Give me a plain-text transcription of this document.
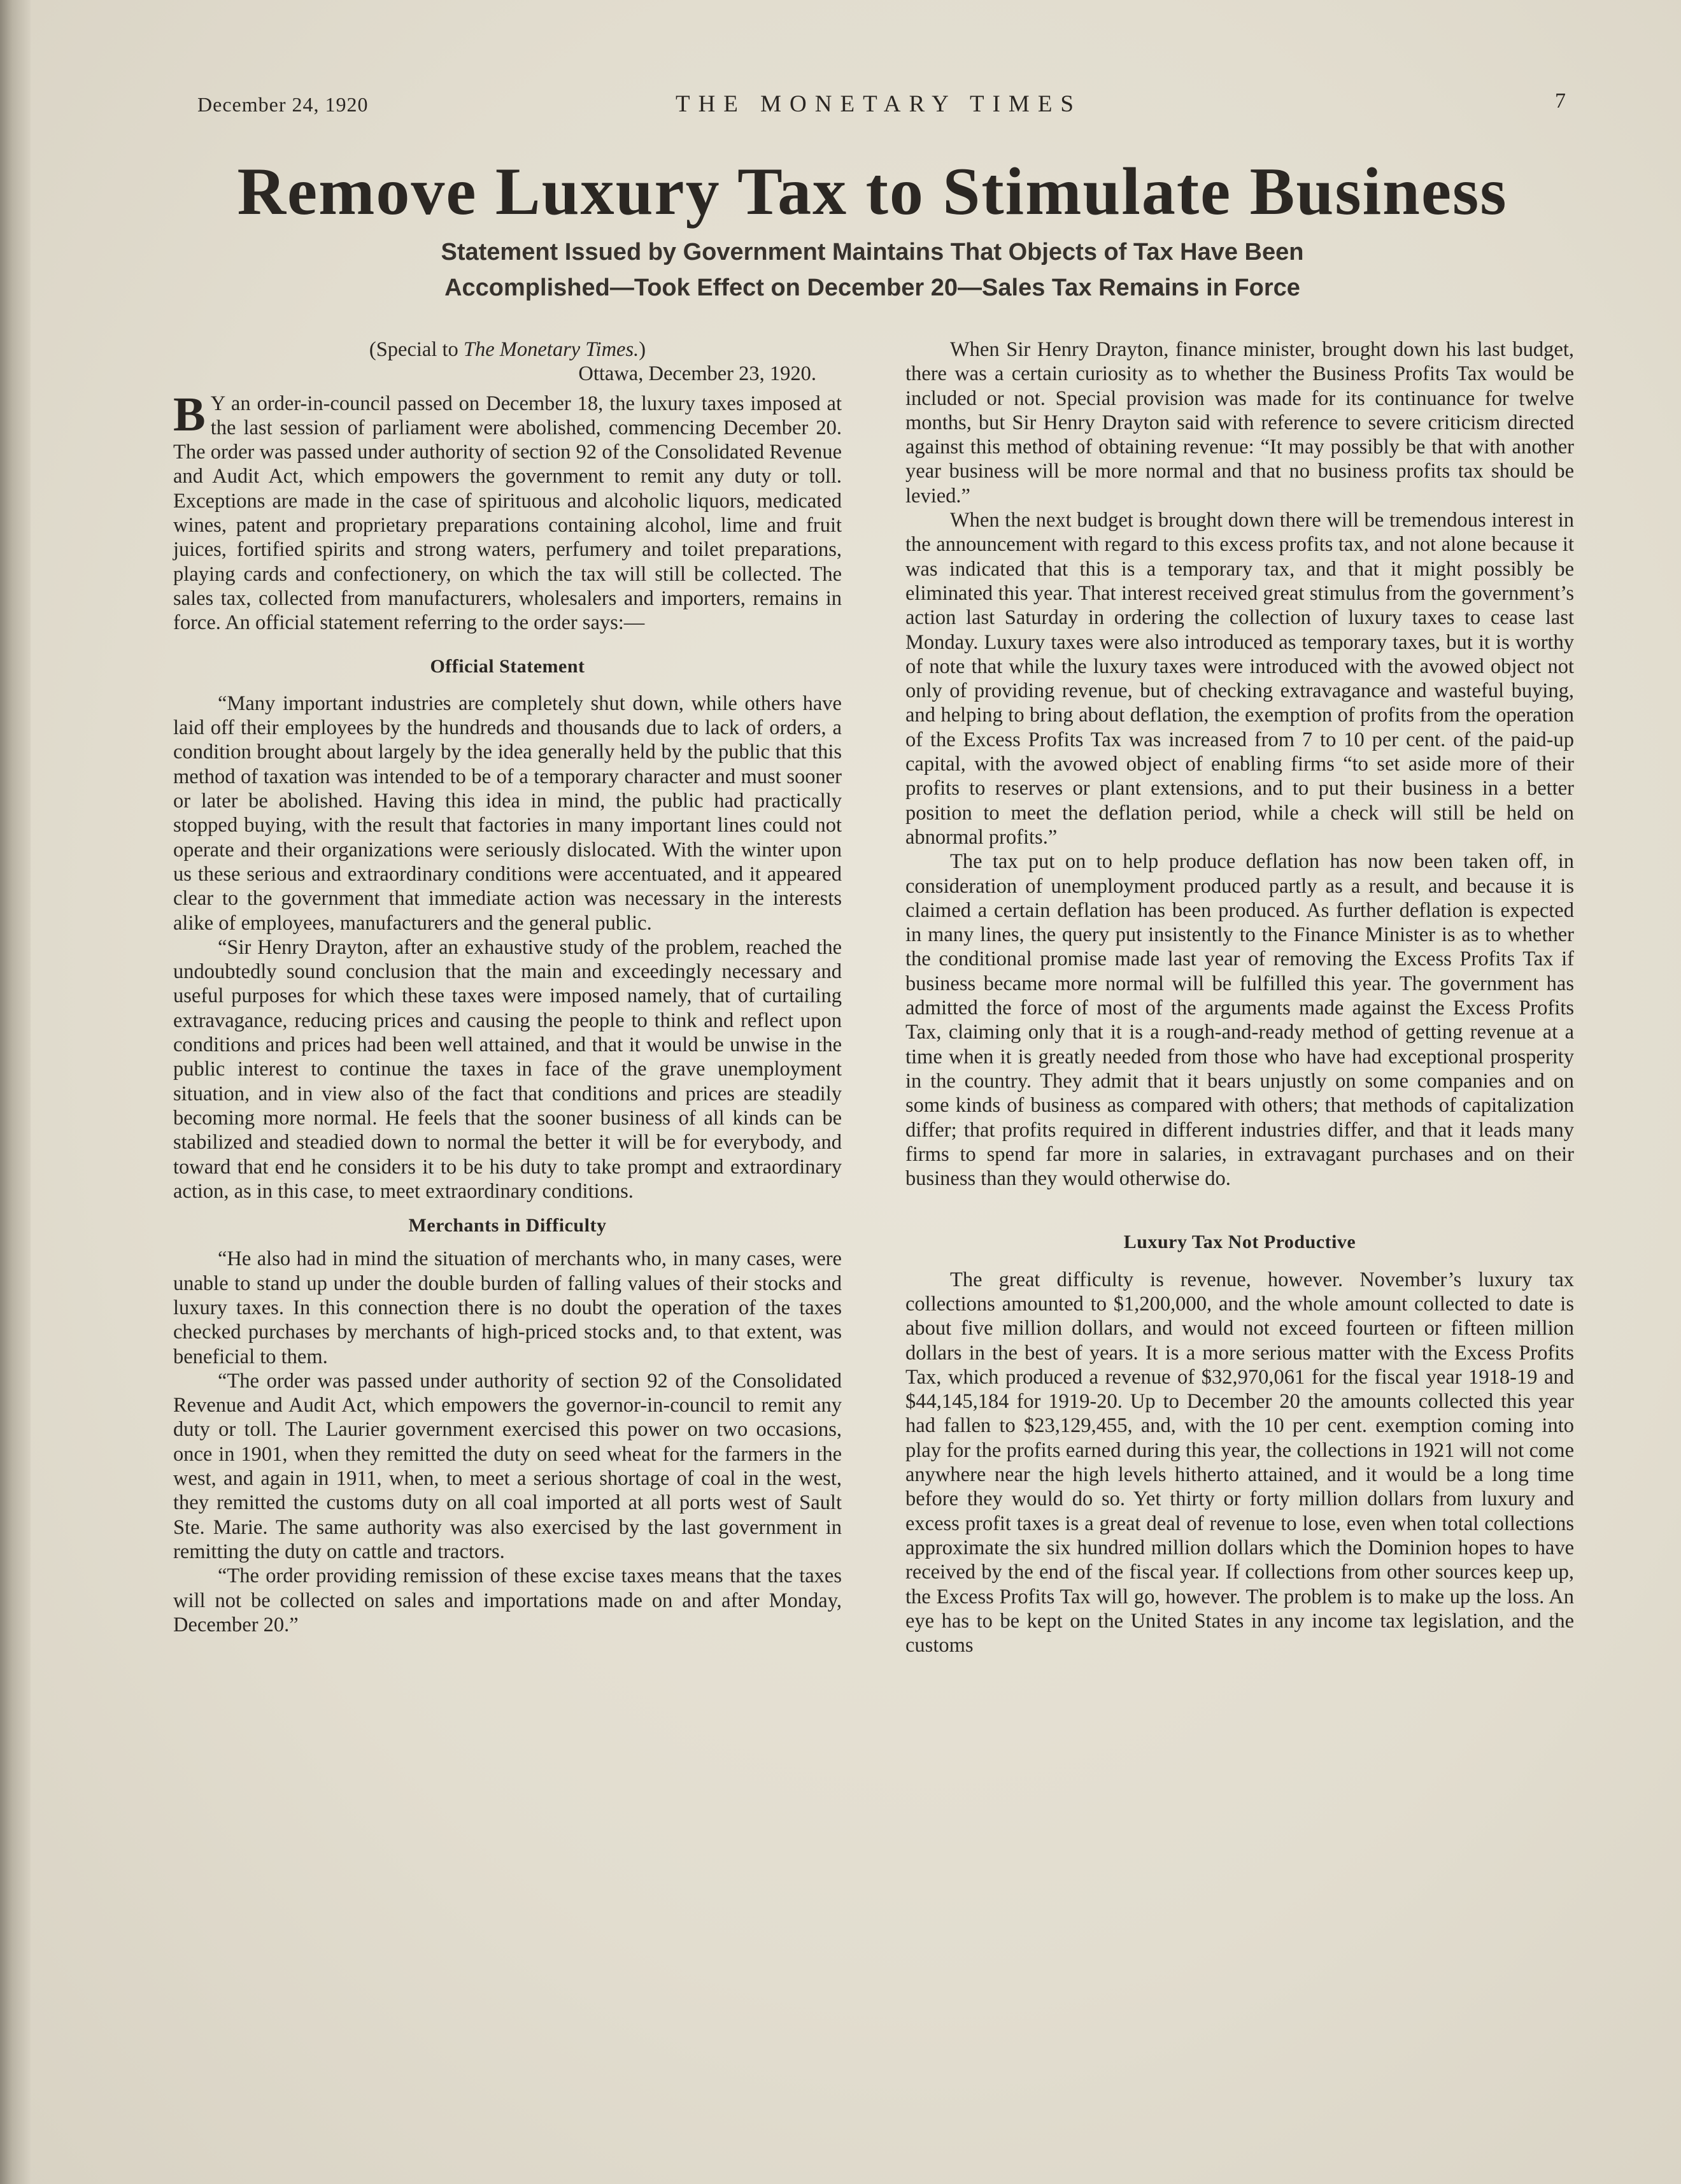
December 24, 1920	THE MONETARY TIMES	7
Remove Luxury Tax to Stimulate Business
Statement Issued by Government Maintains That Objects of Tax Have Been
Accomplished—Took Effect on December 20—Sales Tax Remains in Force

(Special to The Monetary Times.)

Ottawa, December 23, 1920.

B Y an order-in-council passed on December 18, the luxury taxes imposed at the last session of parliament were abolished, commencing December 20. The order was passed under authority of section 92 of the Consolidated Revenue and Audit Act, which empowers the government to remit any duty or toll. Exceptions are made in the case of spirituous and alcoholic liquors, medicated wines, patent and proprietary preparations containing alcohol, lime and fruit juices, fortified spirits and strong waters, perfumery and toilet preparations, playing cards and confectionery, on which the tax will still be collected. The sales tax, collected from manufacturers, wholesalers and importers, remains in force. An official statement referring to the order says:—

Official Statement

“Many important industries are completely shut down, while others have laid off their employees by the hundreds and thousands due to lack of orders, a condition brought about largely by the idea generally held by the public that this method of taxation was intended to be of a temporary character and must sooner or later be abolished. Having this idea in mind, the public had practically stopped buying, with the result that factories in many important lines could not operate and their organizations were seriously dislocated. With the winter upon us these serious and extraordinary conditions were accentuated, and it appeared clear to the government that immediate action was necessary in the interests alike of employees, manufacturers and the general public.

“Sir Henry Drayton, after an exhaustive study of the problem, reached the undoubtedly sound conclusion that the main and exceedingly necessary and useful purposes for which these taxes were imposed namely, that of curtailing extravagance, reducing prices and causing the people to think and reflect upon conditions and prices had been well attained, and that it would be unwise in the public interest to continue the taxes in face of the grave unemployment situation, and in view also of the fact that conditions and prices are steadily becoming more normal. He feels that the sooner business of all kinds can be stabilized and steadied down to normal the better it will be for everybody, and toward that end he considers it to be his duty to take prompt and extraordinary action, as in this case, to meet extraordinary conditions.

Merchants in Difficulty

“He also had in mind the situation of merchants who, in many cases, were unable to stand up under the double burden of falling values of their stocks and luxury taxes. In this connection there is no doubt the operation of the taxes checked purchases by merchants of high-priced stocks and, to that extent, was beneficial to them.

“The order was passed under authority of section 92 of the Consolidated Revenue and Audit Act, which empowers the governor-in-council to remit any duty or toll. The Laurier government exercised this power on two occasions, once in 1901, when they remitted the duty on seed wheat for the farmers in the west, and again in 1911, when, to meet a serious shortage of coal in the west, they remitted the customs duty on all coal imported at all ports west of Sault Ste. Marie. The same authority was also exercised by the last government in remitting the duty on cattle and tractors.

“The order providing remission of these excise taxes means that the taxes will not be collected on sales and importations made on and after Monday, December 20.”

When Sir Henry Drayton, finance minister, brought down his last budget, there was a certain curiosity as to whether the Business Profits Tax would be included or not. Special provision was made for its continuance for twelve months, but Sir Henry Drayton said with reference to severe criticism directed against this method of obtaining revenue: “It may possibly be that with another year business will be more normal and that no business profits tax should be levied.”

When the next budget is brought down there will be tremendous interest in the announcement with regard to this excess profits tax, and not alone because it was indicated that this is a temporary tax, and that it might possibly be eliminated this year. That interest received great stimulus from the government’s action last Saturday in ordering the collection of luxury taxes to cease last Monday. Luxury taxes were also introduced as temporary taxes, but it is worthy of note that while the luxury taxes were introduced with the avowed object not only of providing revenue, but of checking extravagance and wasteful buying, and helping to bring about deflation, the exemption of profits from the operation of the Excess Profits Tax was increased from 7 to 10 per cent. of the paid-up capital, with the avowed object of enabling firms “to set aside more of their profits to reserves or plant extensions, and to put their business in a better position to meet the deflation period, while a check will still be held on abnormal profits.”

The tax put on to help produce deflation has now been taken off, in consideration of unemployment produced partly as a result, and because it is claimed a certain deflation has been produced. As further deflation is expected in many lines, the query put insistently to the Finance Minister is as to whether the conditional promise made last year of removing the Excess Profits Tax if business became more normal will be fulfilled this year. The government has admitted the force of most of the arguments made against the Excess Profits Tax, claiming only that it is a rough-and-ready method of getting revenue at a time when it is greatly needed from those who have had exceptional prosperity in the country. They admit that it bears unjustly on some companies and on some kinds of business as compared with others; that methods of capitalization differ; that profits required in different industries differ, and that it leads many firms to spend far more in salaries, in extravagant purchases and on their business than they would otherwise do.

Luxury Tax Not Productive

The great difficulty is revenue, however. November’s luxury tax collections amounted to $1,200,000, and the whole amount collected to date is about five million dollars, and would not exceed fourteen or fifteen million dollars in the best of years. It is a more serious matter with the Excess Profits Tax, which produced a revenue of $32,970,061 for the fiscal year 1918-19 and $44,145,184 for 1919-20. Up to December 20 the amounts collected this year had fallen to $23,129,455, and, with the 10 per cent. exemption coming into play for the profits earned during this year, the collections in 1921 will not come anywhere near the high levels hitherto attained, and it would be a long time before they would do so. Yet thirty or forty million dollars from luxury and excess profit taxes is a great deal of revenue to lose, even when total collections approximate the six hundred million dollars which the Dominion hopes to have received by the end of the fiscal year. If collections from other sources keep up, the Excess Profits Tax will go, however. The problem is to make up the loss. An eye has to be kept on the United States in any income tax legislation, and the customs
